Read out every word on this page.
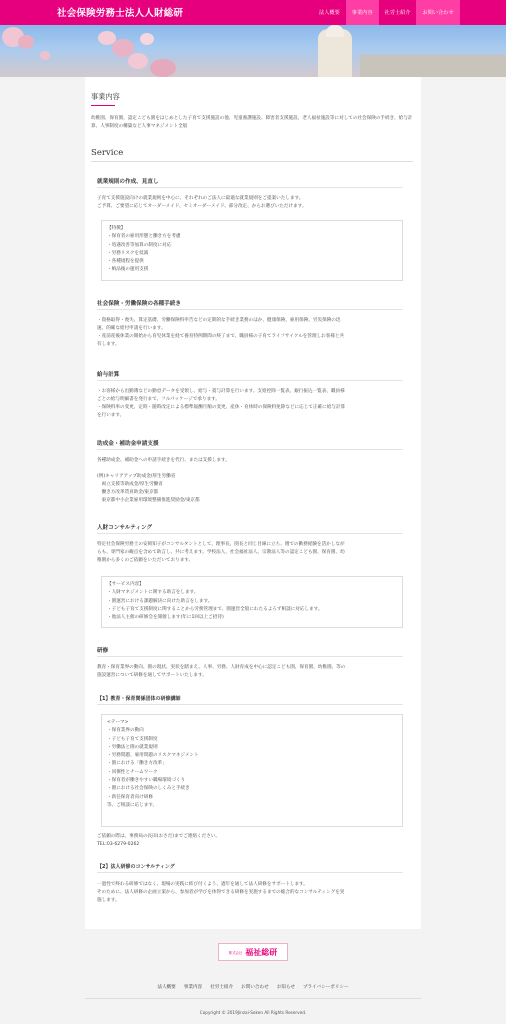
社会保険労務士法人人財総研	法人概要	事業内容	社労士紹介	お問い合わせ
事業内容
幼稚園、保育園、認定こども園をはじめとした子育て支援施設の他、児童養護施設、障害者支援施設、老人福祉施設等に対しての社会保険の手続き、給与計算、人事制度の構築など人事マネジメント全般
Service
就業規則の作成、見直し
子育て支援施設向けの就業規則を中心に、それぞれのご法人に最適な就業規則をご提案いたします。
ご予算、ご要望に応じてオーダーメイド、セミオーダーメイド、部分改定、からお選びいただけます。
【特徴】
・保育者の雇用形態と働き方を考慮
・処遇改善等加算の制度に対応
・労務リスクを低減
・各種規程を提供
・納品後の運用支援
社会保険・労働保険の各種手続き
・資格取得・喪失、算定基礎、労働保険料申告などの定期的な手続き業務のほか、健康保険、雇用保険、労災保険の迅
速、的確な給付申請を行います。
・産前産後休業の開始から育児休業を経て養育特例期間の終了まで、職員様の子育てライフサイクルを管理しお客様と共
有します。
給与計算
・お客様から出勤簿などの勤怠データを受領し、給与・賞与計算を行います。支給控除一覧表、銀行振込一覧表、職員様
ごとの給与明細書を発行まで、フルパッケージで承ります。
・保険料率の変更、定時・随時改定による標準報酬月額の変更、産休・育休時の保険料免除などに応じて正確に給与計算
を行います。
助成金・補助金申請支援
各種助成金、補助金への申請手続きを代行、または支援します。
(例)キャリアアップ助成金/厚生労働省
　両立支援等助成金/厚生労働省
　働き方改革賃貢助金/東京都
　東京都中小企業雇用環境整備推進奨励金/東京都
人財コンサルティング
特定社会保険労務士の安岡知子がコンサルタントとして、理事長、園長と同じ目線に立ち、園での勤務経験を活かしなが
らも、専門家の観点を含めて助言し、共に考えます。学校法人、社会福祉法人、宗教法人等の認定こども園、保育園、幼
稚園から多くのご依頼をいただいております。
【サービス内容】
・人財マネジメントに関する助言をします。
・園運営における課題解決に向けた助言をします。
・子ども子育て支援制度に関することから労務管理まで、園運営全般にわたるよろず相談に対応します。
・他法人主催の研修会を開催します(年に1回以上ご招待)
研修
教育・保育業界の動向、園の現状、実状を踏まえ、人事、労務、人財育成を中心に認定こども園、保育園、幼稚園、等の
施設運営について研修を通してサポートいたします。
【1】教育・保育関係団体の研修講師
<テーマ>
・保育業界の動向
・子ども子育て支援制度
・労働法と園の就業規則
・労務問題、雇用問題のリスクマネジメント
・園における「働き方改革」
・同僚性とチームワーク
・保育者が働きやすい職場環境づくり
・園における社会保険のしくみと手続き
・新任保育者向け研修
等、ご相談に応じます。
ご依頼の際は、事務局の長田(おさだ)までご連絡ください。
TEL:03-6279-0262
【2】法人研修のコンサルティング
一過性で終わる研修ではなく、現場の実践に結び付くよう、過年を通して法人研修をサポートします。
そのために、法人研修の企画立案から、参加者が学びを体得できる研修を実施するまでの総合的なコンサルティングを実
施します。
株式会社 福祉総研
法人概要 事業内容 社労士紹介 お問い合わせ お知らせ プライバシーポリシー
Copyright © 2019Jinzai-Soken All Rights Reserved.
